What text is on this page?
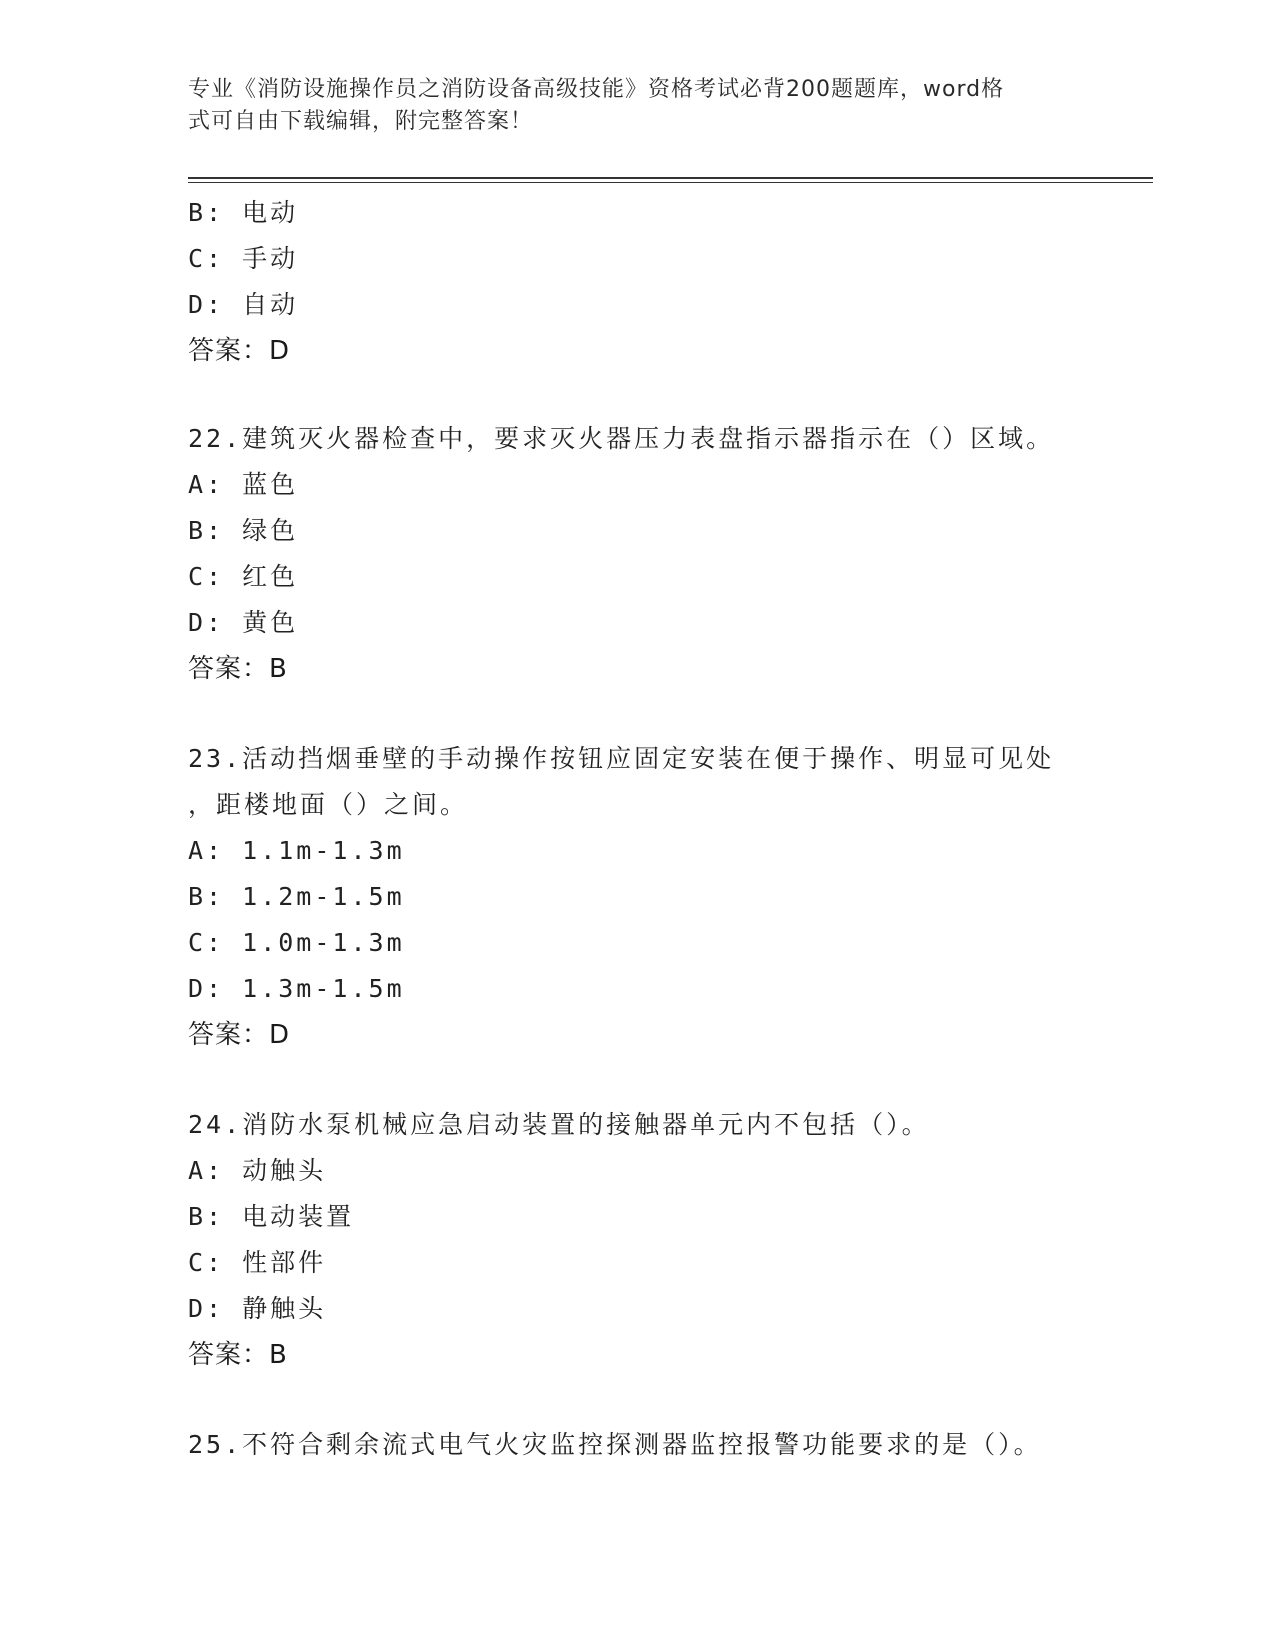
专业《消防设施操作员之消防设备高级技能》资格考试必背200题题库，word格
式可自由下载编辑，附完整答案！
B: 电动
C: 手动
D: 自动
答案：D
22.建筑灭火器检查中，要求灭火器压力表盘指示器指示在（）区域。
A: 蓝色
B: 绿色
C: 红色
D: 黄色
答案：B
23.活动挡烟垂壁的手动操作按钮应固定安装在便于操作、明显可见处
，距楼地面（）之间。
A: 1.1m-1.3m
B: 1.2m-1.5m
C: 1.0m-1.3m
D: 1.3m-1.5m
答案：D
24.消防水泵机械应急启动装置的接触器单元内不包括（）。
A: 动触头
B: 电动装置
C: 性部件
D: 静触头
答案：B
25.不符合剩余流式电气火灾监控探测器监控报警功能要求的是（）。
